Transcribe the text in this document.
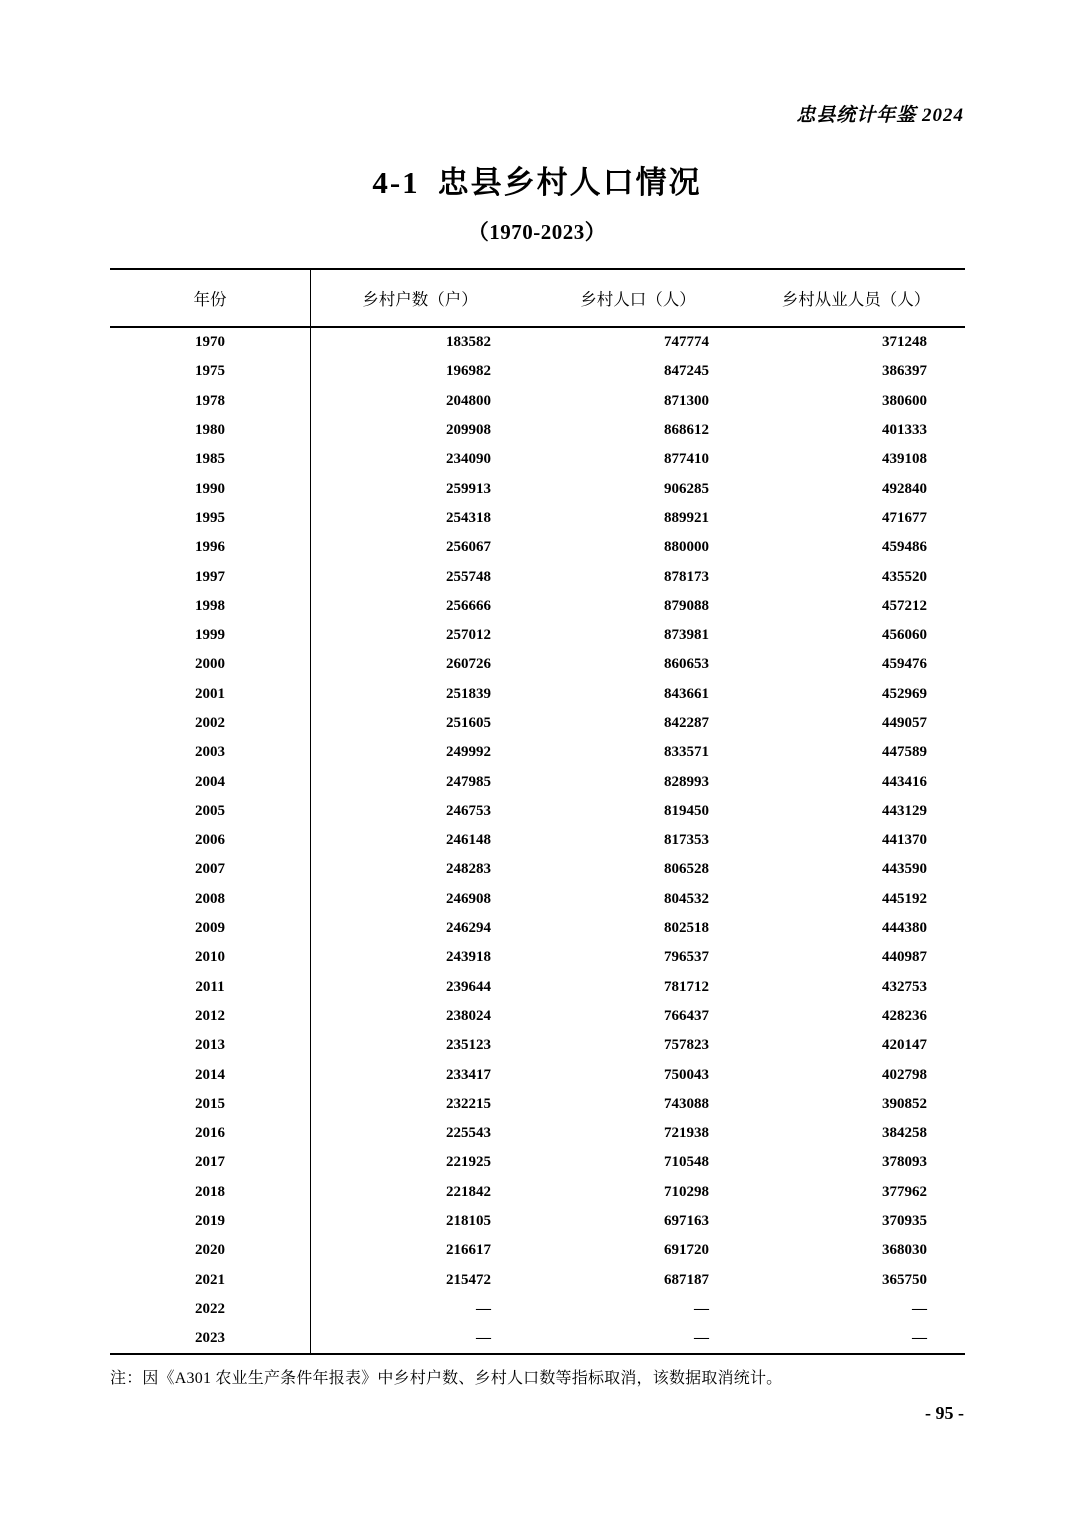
忠县统计年鉴 2024
4-1 忠县乡村人口情况
（1970-2023）
年份	乡村户数（户）	乡村人口（人）	乡村从业人员（人）
1970	183582	747774	371248
1975	196982	847245	386397
1978	204800	871300	380600
1980	209908	868612	401333
1985	234090	877410	439108
1990	259913	906285	492840
1995	254318	889921	471677
1996	256067	880000	459486
1997	255748	878173	435520
1998	256666	879088	457212
1999	257012	873981	456060
2000	260726	860653	459476
2001	251839	843661	452969
2002	251605	842287	449057
2003	249992	833571	447589
2004	247985	828993	443416
2005	246753	819450	443129
2006	246148	817353	441370
2007	248283	806528	443590
2008	246908	804532	445192
2009	246294	802518	444380
2010	243918	796537	440987
2011	239644	781712	432753
2012	238024	766437	428236
2013	235123	757823	420147
2014	233417	750043	402798
2015	232215	743088	390852
2016	225543	721938	384258
2017	221925	710548	378093
2018	221842	710298	377962
2019	218105	697163	370935
2020	216617	691720	368030
2021	215472	687187	365750
2022	—	—	—
2023	—	—	—
注：因《A301 农业生产条件年报表》中乡村户数、乡村人口数等指标取消，该数据取消统计。
- 95 -
